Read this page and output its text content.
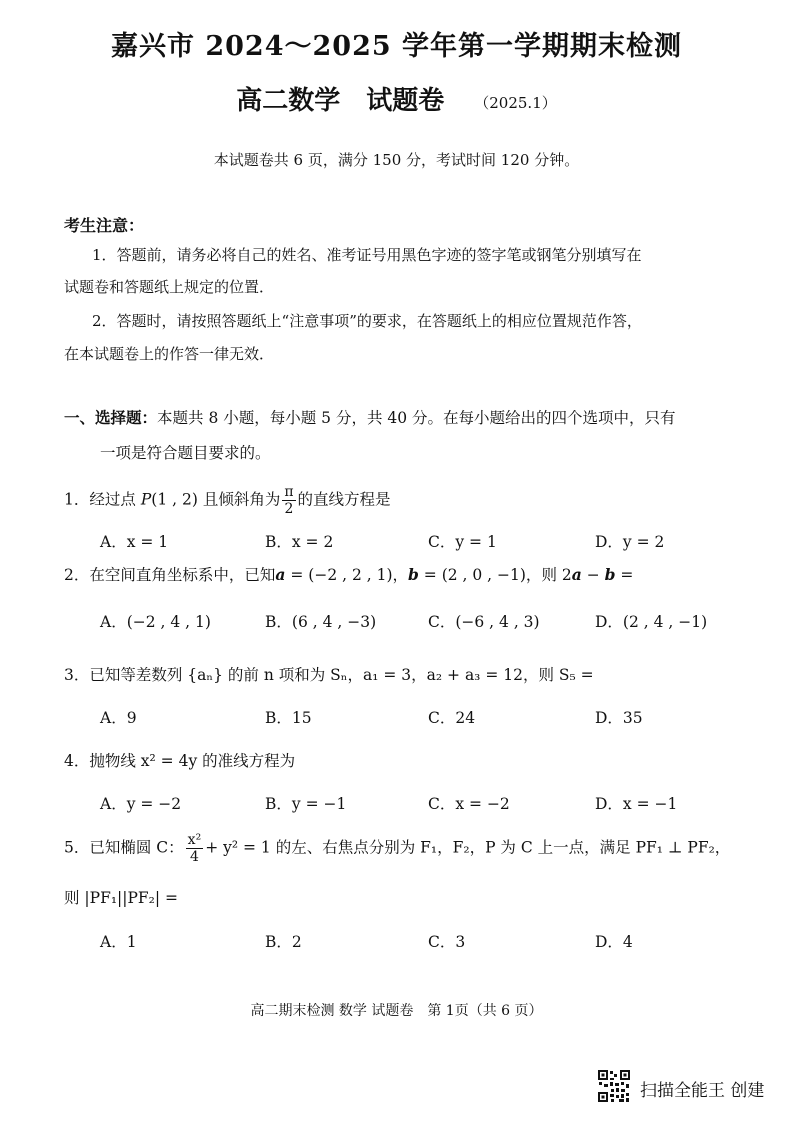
嘉兴市 2024～2025 学年第一学期期末检测
高二数学　试题卷 （2025.1）
本试题卷共 6 页，满分 150 分，考试时间 120 分钟。
考生注意：
1．答题前，请务必将自己的姓名、准考证号用黑色字迹的签字笔或钢笔分别填写在
试题卷和答题纸上规定的位置．
2．答题时，请按照答题纸上“注意事项”的要求，在答题纸上的相应位置规范作答，
在本试题卷上的作答一律无效．
一、选择题：本题共 8 小题，每小题 5 分，共 40 分。在每小题给出的四个选项中，只有
一项是符合题目要求的。
1．经过点 P(1 , 2) 且倾斜角为 $\frac{\pi}{2}$ 的直线方程是
A．x = 1	B．x = 2	C．y = 1	D．y = 2
2．在空间直角坐标系中，已知a = (−2 , 2 , 1)，b = (2 , 0 , −1)，则 2a − b =
A．(−2 , 4 , 1)	B．(6 , 4 , −3)	C．(−6 , 4 , 3)	D．(2 , 4 , −1)
3．已知等差数列 {aₙ} 的前 n 项和为 Sₙ，a₁ = 3，a₂ + a₃ = 12，则 S₅ =
A．9	B．15	C．24	D．35
4．抛物线 x² = 4y 的准线方程为
A．y = −2	B．y = −1	C．x = −2	D．x = −1
5．已知椭圆 C： $\frac{\text{x²}}{4} + y^2 = 1$ 的左、右焦点分别为 F₁，F₂，P 为 C 上一点，满足 PF₁ ⊥ PF₂，
则 |PF₁||PF₂| =
A．1	B．2	C．3	D．4
高二期末检测 数学 试题卷　第 1页（共 6 页）
扫描全能王 创建
